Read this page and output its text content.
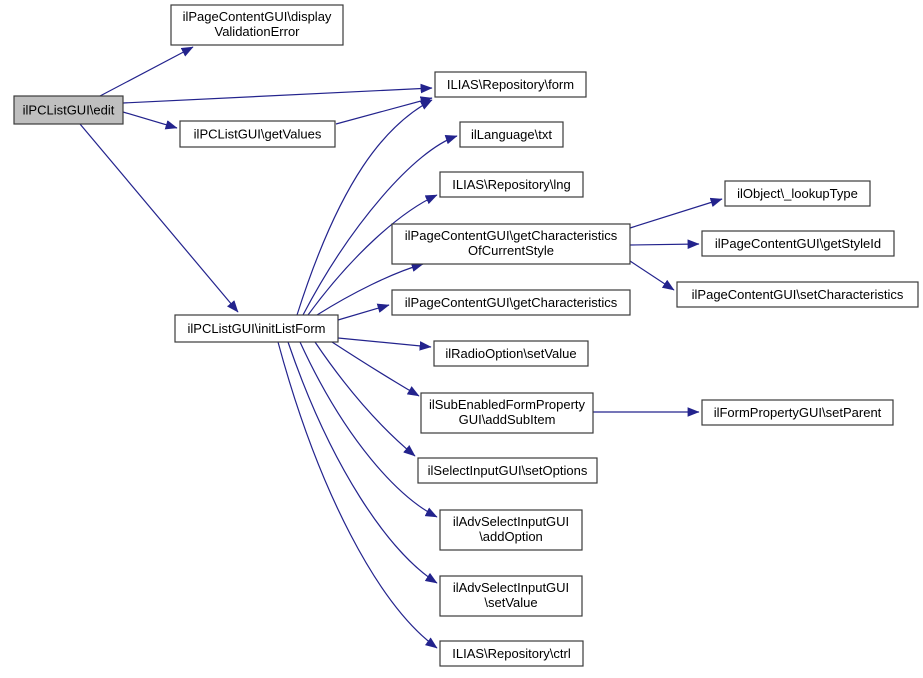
ilPCListGUI\edit
ilPageContentGUI\display
ValidationError
ilPCListGUI\getValues
ILIAS\Repository\form
ilLanguage\txt
ILIAS\Repository\lng
ilPageContentGUI\getCharacteristics
OfCurrentStyle
ilObject\_lookupType
ilPageContentGUI\getStyleId
ilPageContentGUI\setCharacteristics
ilPageContentGUI\getCharacteristics
ilRadioOption\setValue
ilPCListGUI\initListForm
ilSubEnabledFormProperty
GUI\addSubItem	ilFormPropertyGUI\setParent
ilSelectInputGUI\setOptions
ilAdvSelectInputGUI
\addOption
ilAdvSelectInputGUI
\setValue
ILIAS\Repository\ctrl
